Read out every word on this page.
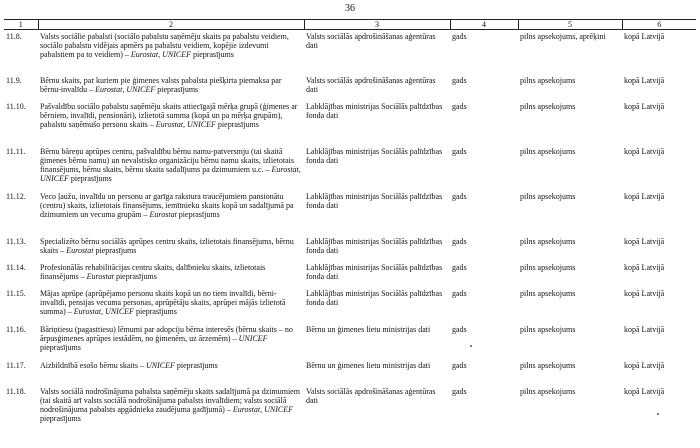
36
1	2	3	4	5	6
11.8.	Valsts sociālie pabalsti (sociālo pabalstu saņēmēju skaits pa pabalstu veidiem, sociālo pabalstu vidējais apmērs pa pabalstu veidiem, kopējie izdevumi pabalstiem pa to veidiem) – Eurostat, UNICEF pieprasījums	Valsts sociālās apdrošināšanas aģentūras dati	gads	pilns apsekojums, aprēķini	kopā Latvijā
11.9.	Bērnu skaits, par kuriem pie ģimenes valsts pabalsta piešķirta piemaksa par bērnu-invalīdu – Eurostat, UNICEF pieprasījums	Valsts sociālās apdrošināšanas aģentūras dati	gads	pilns apsekojums	kopā Latvijā
11.10.	Pašvaldību sociālo pabalstu saņēmēju skaits attiecīgajā mērķa grupā (ģimenes ar bērniem, invalīdi, pensionāri), izlietotā summa (kopā un pa mērķa grupām), pabalstu saņēmušo personu skaits – Eurostat, UNICEF pieprasījums	Labklājības ministrijas Sociālās palīdzības fonda dati	gads	pilns apsekojums	kopā Latvijā
11.11.	Bērnu bāreņu aprūpes centru, pašvaldību bērnu namu-patversmju (tai skaitā ģimenes bērnu namu) un nevalstisko organizāciju bērnu namu skaits, izlietotais finansējums, bērnu skaits, bērnu skaita sadalījums pa dzimumiem u.c. – Eurostat, UNICEF pieprasījums	Labklājības ministrijas Sociālās palīdzības fonda dati	gads	pilns apsekojums	kopā Latvijā
11.12.	Veco ļaužu, invalīdu un personu ar garīga rakstura traucējumiem pansionātu (centru) skaits, izlietotais finansējums, iemītnieku skaits kopā un sadalījumā pa dzimumiem un vecuma grupām – Eurostat pieprasījums	Labklājības ministrijas Sociālās palīdzības fonda dati	gads	pilns apsekojums	kopā Latvijā
11.13.	Specializēto bērnu sociālās aprūpes centru skaits, izlietotais finansējums, bērnu skaits – Eurostat pieprasījums	Labklājības ministrijas Sociālās palīdzības fonda dati	gads	pilns apsekojums	kopā Latvijā
11.14.	Profesionālās rehabilitācijas centru skaits, dalībnieku skaits, izlietotais finansējums – Eurostat pieprasījums	Labklājības ministrijas Sociālās palīdzības fonda dati	gads	pilns apsekojums	kopā Latvijā
11.15.	Mājas aprūpe (aprūpējamo personu skaits kopā un no tiem invalīdi, bērni-invalīdi, pensijas vecuma personas, aprūpētāju skaits, aprūpei mājās izlietotā summa) – Eurostat, UNICEF pieprasījums	Labklājības ministrijas Sociālās palīdzības fonda dati	gads	pilns apsekojums	kopā Latvijā
11.16.	Bāriņtiesu (pagasttiesu) lēmumi par adopciju bērna interesēs (bērnu skaits – no ārpusģimenes aprūpes iestādēm, no ģimenēm, uz ārzemēm) – UNICEF pieprasījums	Bērnu un ģimenes lietu ministrijas dati	gads	pilns apsekojums	kopā Latvijā
11.17.	Aizbildnībā esošo bērnu skaits – UNICEF pieprasījums	Bērnu un ģimenes lietu ministrijas dati	gads	pilns apsekojums	kopā Latvijā
11.18.	Valsts sociālā nodrošinājuma pabalsta saņēmēju skaits sadalījumā pa dzimumiem (tai skaitā arī valsts sociālā nodrošinājuma pabalsts invalīdiem; valsts sociālā nodrošinājuma pabalsts apgādnieka zaudējuma gadījumā) – Eurostat, UNICEF pieprasījums	Valsts sociālās apdrošināšanas aģentūras dati	gads	pilns apsekojums	kopā Latvijā
